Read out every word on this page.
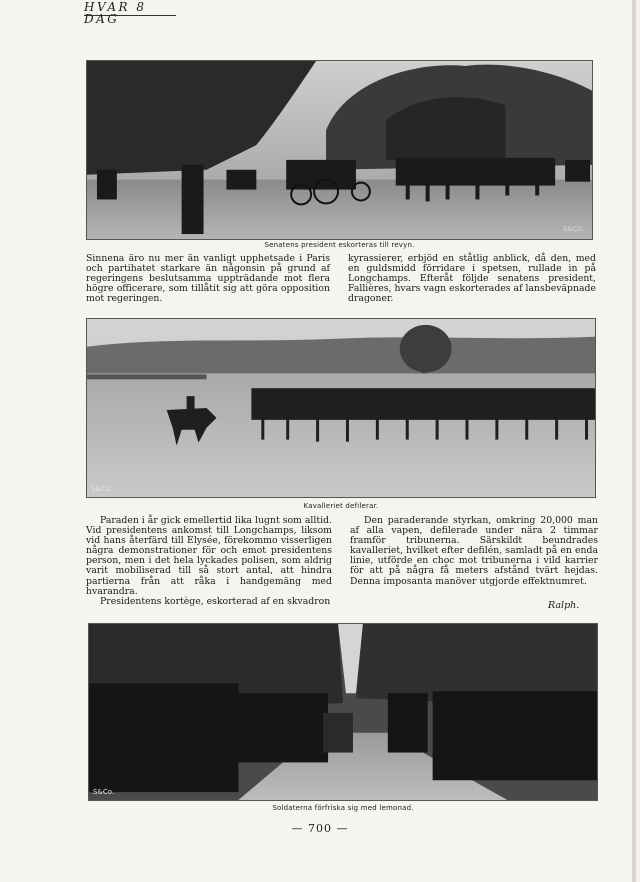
HVAR 8 DAG
S&Co.
Senatens president eskorteras till revyn.

Sinnena äro nu mer än vanligt upphetsade i Paris och partihatet starkare än någonsin på grund af regeringens beslutsamma uppträdande mot flera högre officerare, som tillåtit sig att göra opposition mot regeringen.

kyrassierer, erbjöd en ståtlig anblick, då den, med en guldsmidd förridare i spetsen, rullade in på Longchamps. Efteråt följde senatens president, Fallières, hvars vagn eskorterades af lansbeväpnade dragoner.

S&Co.
Kavalleriet defilerar.

Paraden i år gick emellertid lika lugnt som alltid. Vid presidentens ankomst till Longchamps, liksom vid hans återfärd till Elysée, förekommo visserligen några demonstrationer för och emot presidentens person, men i det hela lyckades polisen, som aldrig varit mobiliserad till så stort antal, att hindra partierna från att råka i handgemäng med hvarandra.

Presidentens kortège, eskorterad af en skvadron

Den paraderande styrkan, omkring 20,000 man af alla vapen, defilerade under nära 2 timmar framför tribunerna. Särskildt beundrades kavalleriet, hvilket efter defilén, samladt på en enda linie, utförde en choc mot tribunerna i vild karrier för att på några få meters afstånd tvärt hejdas. Denna imposanta manöver utgjorde effektnumret.

Ralph.
S&Co.
Soldaterna förfriska sig med lemonad.
— 700 —
